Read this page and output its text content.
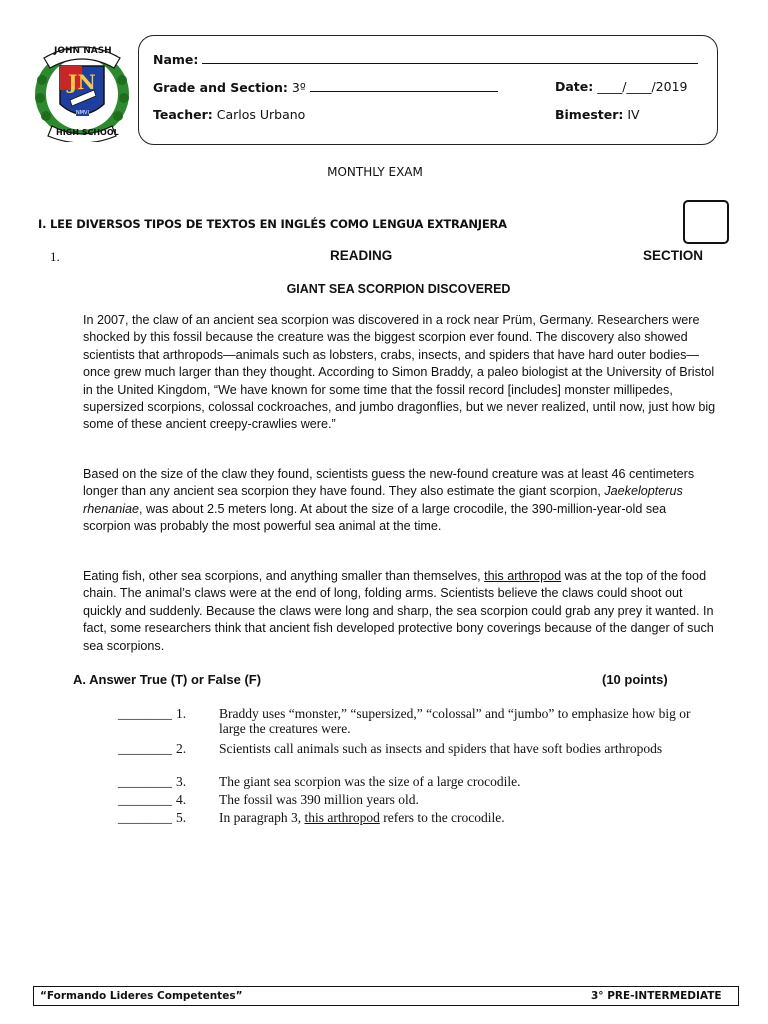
JOHN NASH
JN
NMVI
HIGH SCHOOL
Name:
Grade and Section: 3º	Date: ____/____/2019
Teacher: Carlos Urbano	Bimester: IV
MONTHLY EXAM
I. LEE DIVERSOS TIPOS DE TEXTOS EN INGLÉS COMO LENGUA EXTRANJERA
1.	READING	SECTION
GIANT SEA SCORPION DISCOVERED

In 2007, the claw of an ancient sea scorpion was discovered in a rock near Prüm, Germany. Researchers were shocked by this fossil because the creature was the biggest scorpion ever found. The discovery also showed scientists that arthropods—animals such as lobsters, crabs, insects, and spiders that have hard outer bodies—once grew much larger than they thought. According to Simon Braddy, a paleo biologist at the University of Bristol in the United Kingdom, “We have known for some time that the fossil record [includes] monster millipedes, supersized scorpions, colossal cockroaches, and jumbo dragonflies, but we never realized, until now, just how big some of these ancient creepy-crawlies were.”

Based on the size of the claw they found, scientists guess the new-found creature was at least 46 centimeters longer than any ancient sea scorpion they have found. They also estimate the giant scorpion, Jaekelopterus rhenaniae, was about 2.5 meters long. At about the size of a large crocodile, the 390-million-year-old sea scorpion was probably the most powerful sea animal at the time.

Eating fish, other sea scorpions, and anything smaller than themselves, this arthropod was at the top of the food chain. The animal’s claws were at the end of long, folding arms. Scientists believe the claws could shoot out quickly and suddenly. Because the claws were long and sharp, the sea scorpion could grab any prey it wanted. In fact, some researchers think that ancient fish developed protective bony coverings because of the danger of such sea scorpions.

A. Answer True (T) or False (F)	(10 points)
________ 1. Braddy uses “monster,” “supersized,” “colossal” and “jumbo” to emphasize how big or large the creatures were.
________ 2. Scientists call animals such as insects and spiders that have soft bodies arthropods
________ 3. The giant sea scorpion was the size of a large crocodile.
________ 4. The fossil was 390 million years old.
________ 5. In paragraph 3, this arthropod refers to the crocodile.
“Formando Lideres Competentes”	3° PRE-INTERMEDIATE
